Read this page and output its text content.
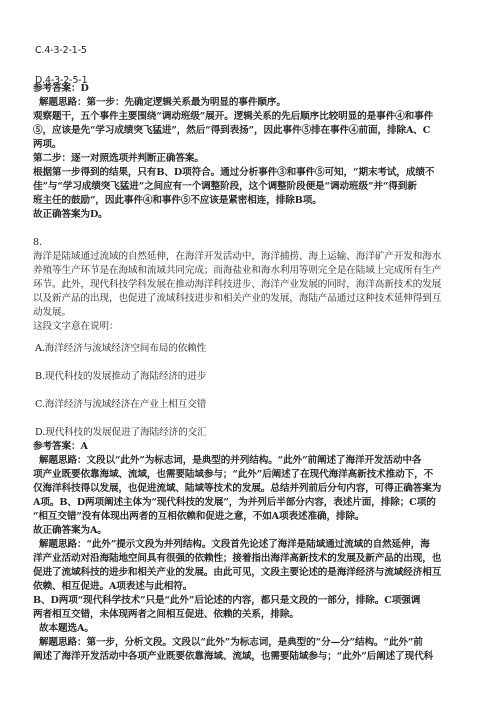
C.4-3-2-1-5
D.4-3-2-5-1
参考答案：D
解题思路：第一步：先确定逻辑关系最为明显的事件顺序。
观察题干，五个事件主要围绕“调动班级”展开。逻辑关系的先后顺序比较明显的是事件④和事件
⑤，应该是先“学习成绩突飞猛进”，然后“得到表扬”，因此事件⑤排在事件④前面，排除A、C
两项。
第二步：逐一对照选项并判断正确答案。
根据第一步得到的结果，只有B、D项符合。通过分析事件③和事件⑤可知，“期末考试，成绩不
佳”与“学习成绩突飞猛进”之间应有一个调整阶段，这个调整阶段便是“调动班级”并“得到新
班主任的鼓励”，因此事件④和事件⑤不应该是紧密相连，排除B项。
故正确答案为D。
8.
海洋是陆域通过流域的自然延伸，在海洋开发活动中，海洋捕捞、海上运输、海洋矿产开发和海水
养殖等生产环节是在海域和流域共同完成；而海盐业和海水利用等则完全是在陆域上完成所有生产
环节。此外，现代科技学科发展在推动海洋科技进步、海洋产业发展的同时，海洋高新技术的发展
以及新产品的出现，也促进了流域科技进步和相关产业的发展，海陆产品通过这种技术延伸得到互
动发展。
这段文字意在说明：
A.海洋经济与流域经济空间布局的依赖性
B.现代科技的发展推动了海陆经济的进步
C.海洋经济与流域经济在产业上相互交错
D.现代科技的发展促进了海陆经济的交汇
参考答案：A
解题思路：文段以“此外”为标志词，是典型的并列结构。“此外”前阐述了海洋开发活动中各
项产业既要依靠海域、流域，也需要陆域参与；“此外”后阐述了在现代海洋高新技术推动下，不
仅海洋科技得以发展，也促进流域、陆域等技术的发展。总结并列前后分句内容，可得正确答案为
A项。B、D两项阐述主体为“现代科技的发展”，为并列后半部分内容，表述片面，排除；C项的
“相互交错”没有体现出两者的互相依赖和促进之意，不如A项表述准确，排除。
故正确答案为A。
解题思路：“此外”提示文段为并列结构。文段首先论述了海洋是陆域通过流域的自然延伸，海
洋产业活动对沿海陆地空间具有很强的依赖性；接着指出海洋高新技术的发展及新产品的出现，也
促进了流域科技的进步和相关产业的发展。由此可见，文段主要论述的是海洋经济与流域经济相互
依赖、相互促进。A项表述与此相符。
B、D两项“现代科学技术”只是“此外”后论述的内容，都只是文段的一部分，排除。C项强调
两者相互交错，未体现两者之间相互促进、依赖的关系，排除。
故本题选A。
解题思路：第一步，分析文段。文段以“此外”为标志词，是典型的“分—分”结构。“此外”前
阐述了海洋开发活动中各项产业既要依靠海域、流域，也需要陆域参与；“此外”后阐述了现代科
